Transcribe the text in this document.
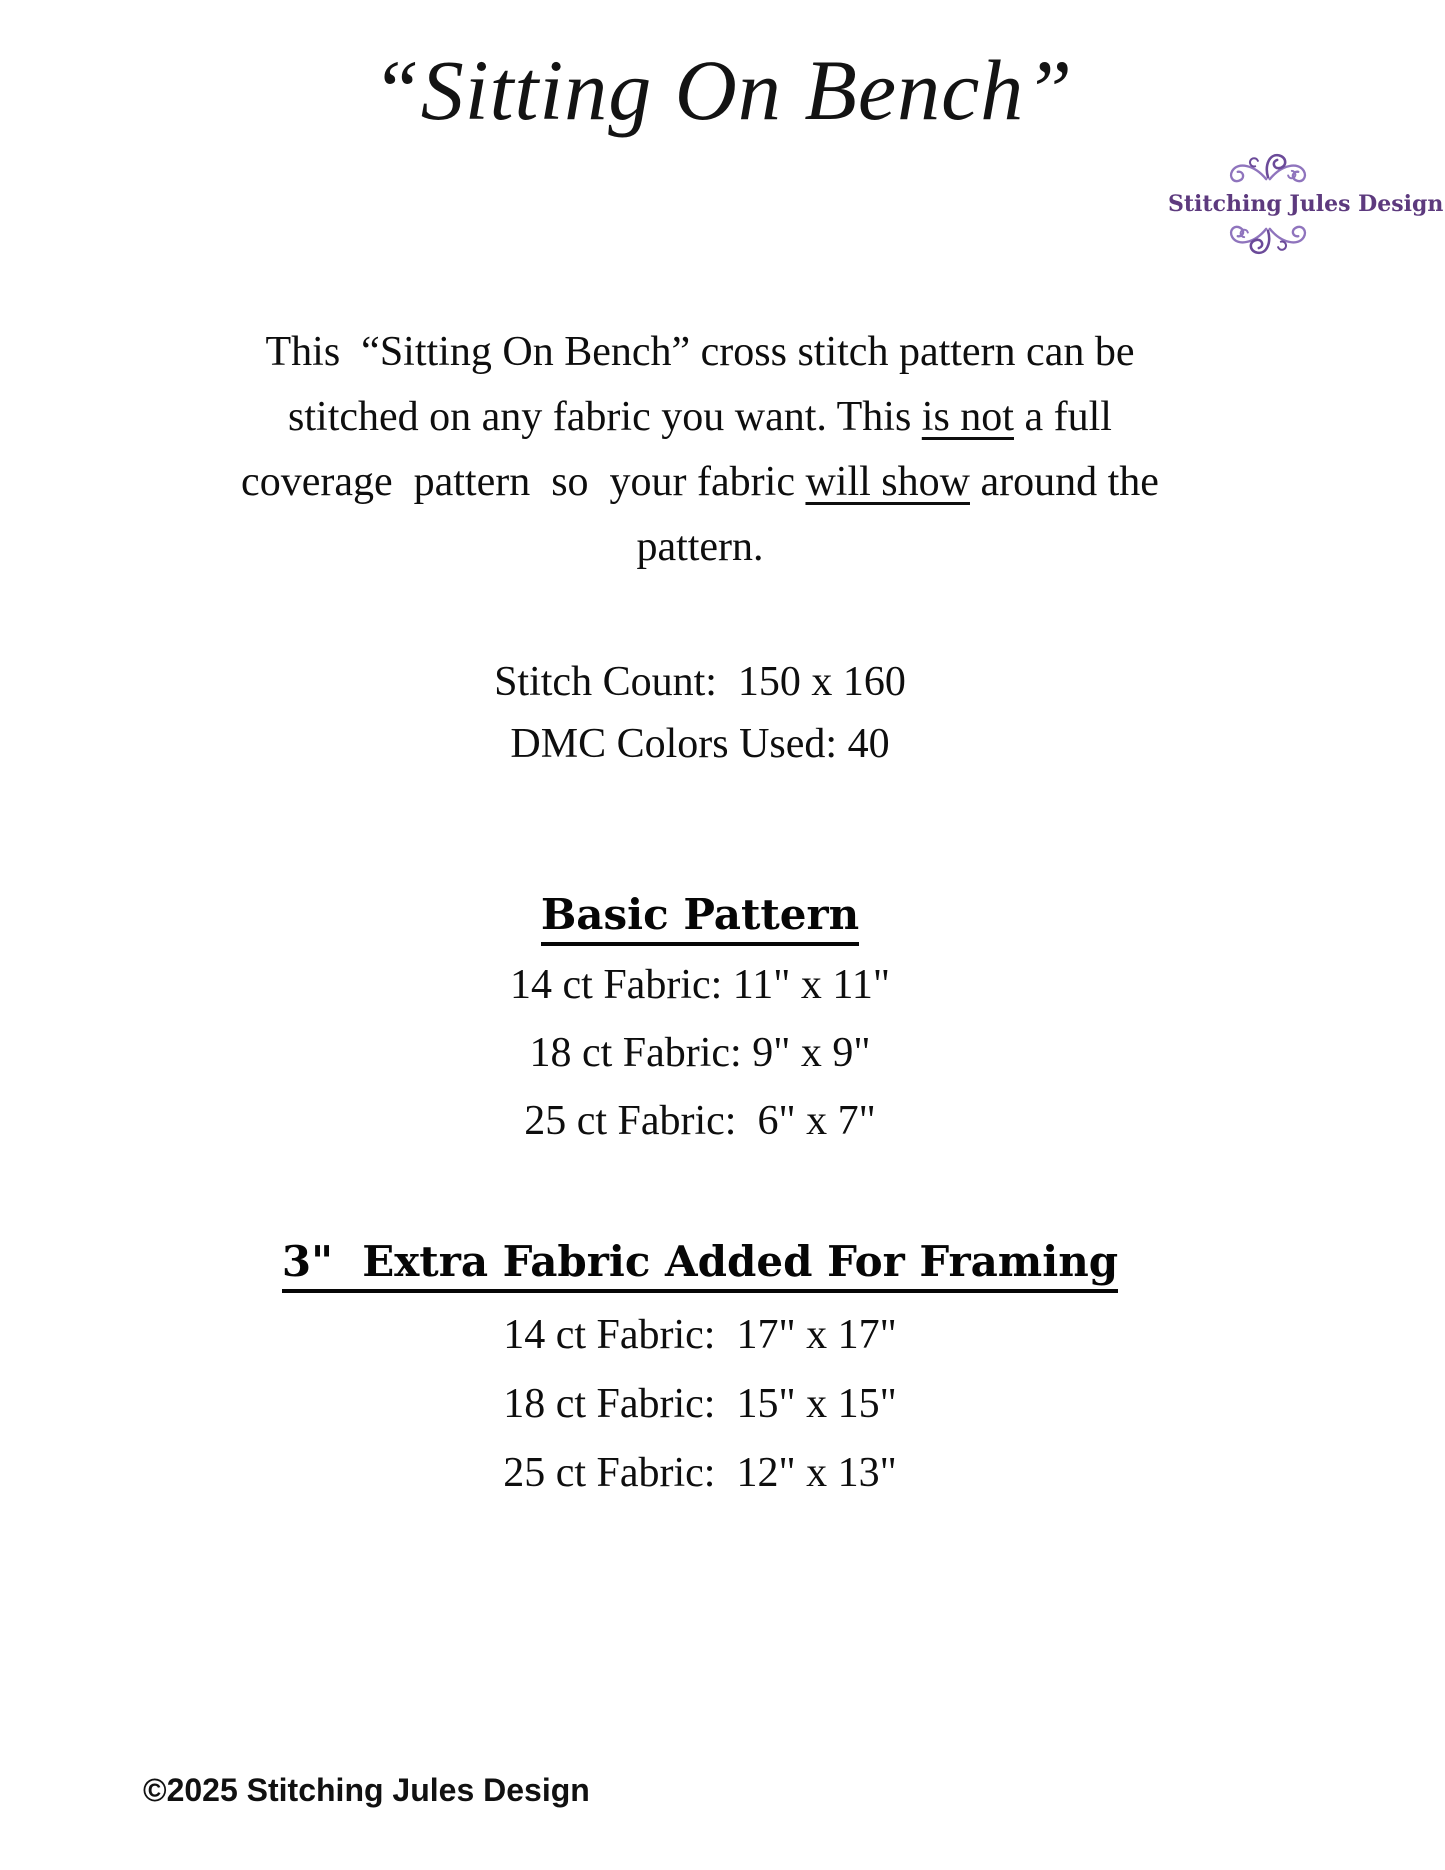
“Sitting On Bench”
Stitching Jules Design
This  “Sitting On Bench” cross stitch pattern can be
stitched on any fabric you want. This is not a full
coverage  pattern  so  your fabric will show around the
pattern.
Stitch Count:  150 x 160
DMC Colors Used: 40
Basic Pattern
14 ct Fabric: 11" x 11"
18 ct Fabric: 9" x 9"
25 ct Fabric:  6" x 7"
3"  Extra Fabric Added For Framing
14 ct Fabric:  17" x 17"
18 ct Fabric:  15" x 15"
25 ct Fabric:  12" x 13"
©2025 Stitching Jules Design
